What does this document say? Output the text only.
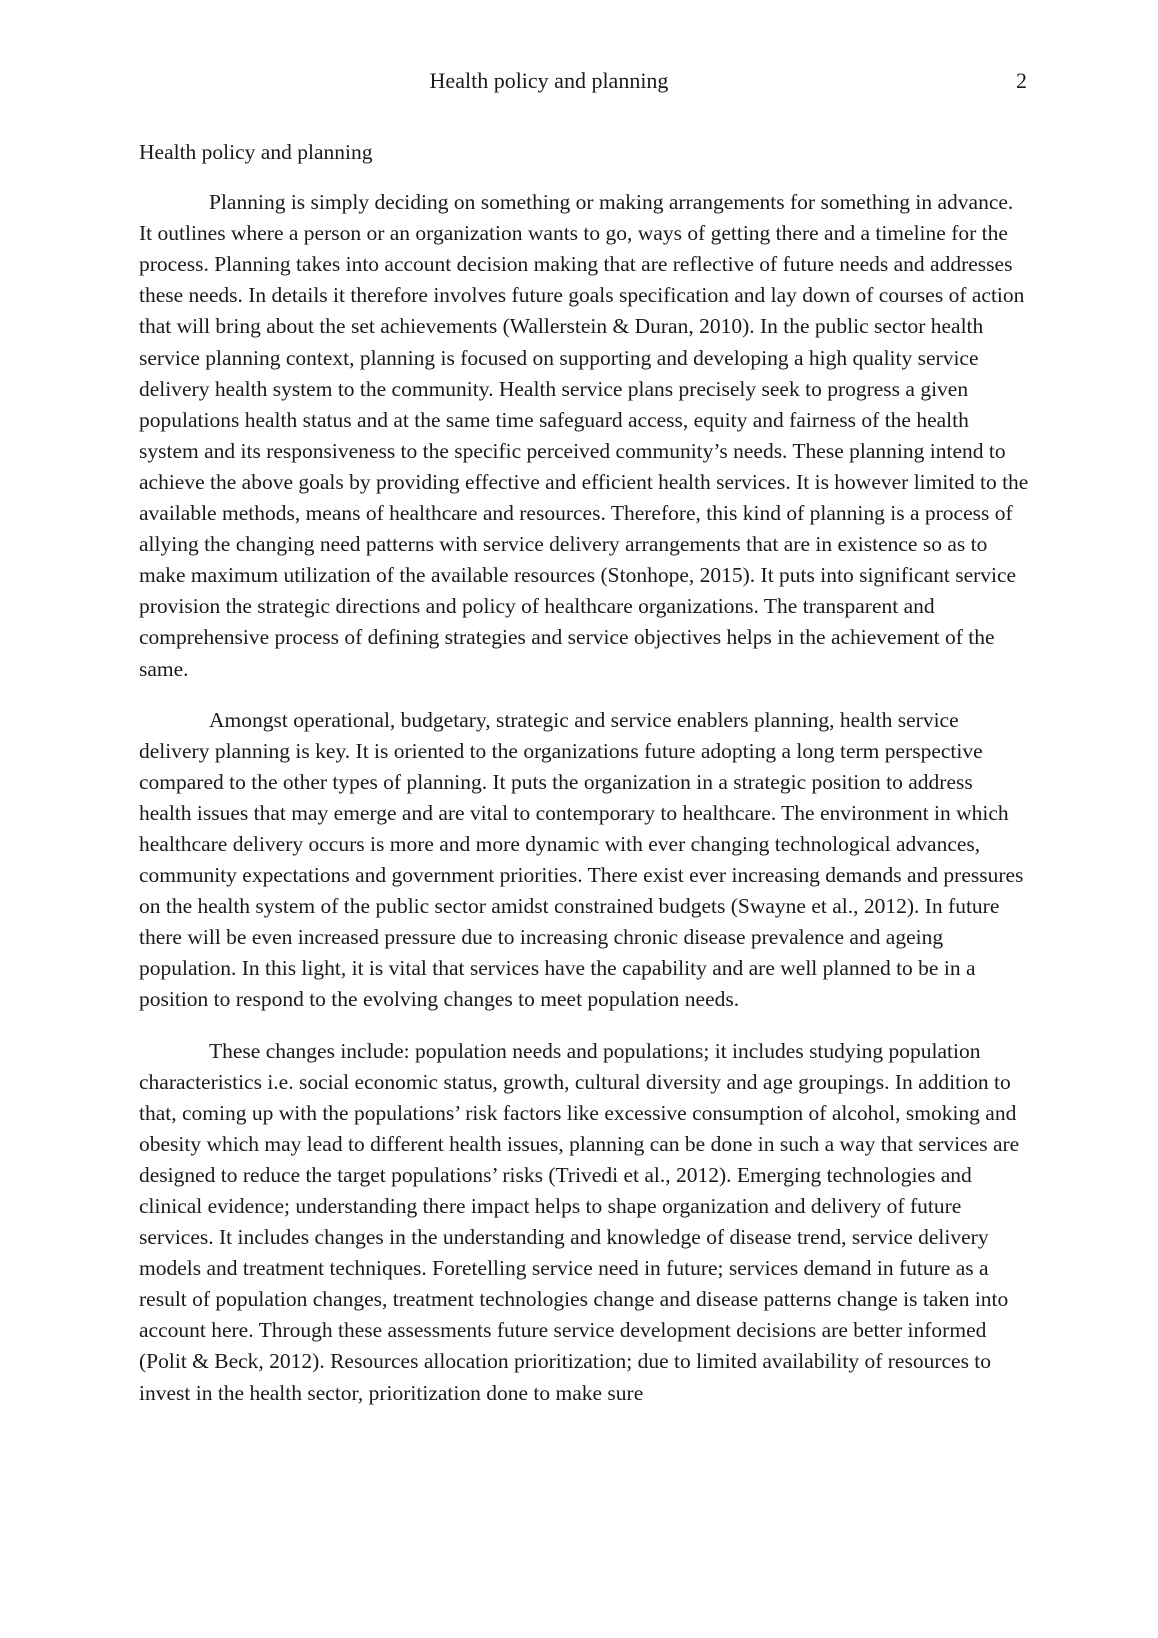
Health policy and planning	2
Health policy and planning

Planning is simply deciding on something or making arrangements for something in advance. It outlines where a person or an organization wants to go, ways of getting there and a timeline for the process. Planning takes into account decision making that are reflective of future needs and addresses these needs. In details it therefore involves future goals specification and lay down of courses of action that will bring about the set achievements (Wallerstein & Duran, 2010). In the public sector health service planning context, planning is focused on supporting and developing a high quality service delivery health system to the community. Health service plans precisely seek to progress a given populations health status and at the same time safeguard access, equity and fairness of the health system and its responsiveness to the specific perceived community’s needs. These planning intend to achieve the above goals by providing effective and efficient health services. It is however limited to the available methods, means of healthcare and resources. Therefore, this kind of planning is a process of allying the changing need patterns with service delivery arrangements that are in existence so as to make maximum utilization of the available resources (Stonhope, 2015). It puts into significant service provision the strategic directions and policy of healthcare organizations. The transparent and comprehensive process of defining strategies and service objectives helps in the achievement of the same.

Amongst operational, budgetary, strategic and service enablers planning, health service delivery planning is key. It is oriented to the organizations future adopting a long term perspective compared to the other types of planning. It puts the organization in a strategic position to address health issues that may emerge and are vital to contemporary to healthcare. The environment in which healthcare delivery occurs is more and more dynamic with ever changing technological advances, community expectations and government priorities. There exist ever increasing demands and pressures on the health system of the public sector amidst constrained budgets (Swayne et al., 2012). In future there will be even increased pressure due to increasing chronic disease prevalence and ageing population. In this light, it is vital that services have the capability and are well planned to be in a position to respond to the evolving changes to meet population needs.

These changes include: population needs and populations; it includes studying population characteristics i.e. social economic status, growth, cultural diversity and age groupings. In addition to that, coming up with the populations’ risk factors like excessive consumption of alcohol, smoking and obesity which may lead to different health issues, planning can be done in such a way that services are designed to reduce the target populations’ risks (Trivedi et al., 2012). Emerging technologies and clinical evidence; understanding there impact helps to shape organization and delivery of future services. It includes changes in the understanding and knowledge of disease trend, service delivery models and treatment techniques. Foretelling service need in future; services demand in future as a result of population changes, treatment technologies change and disease patterns change is taken into account here. Through these assessments future service development decisions are better informed (Polit & Beck, 2012). Resources allocation prioritization; due to limited availability of resources to invest in the health sector, prioritization done to make sure
